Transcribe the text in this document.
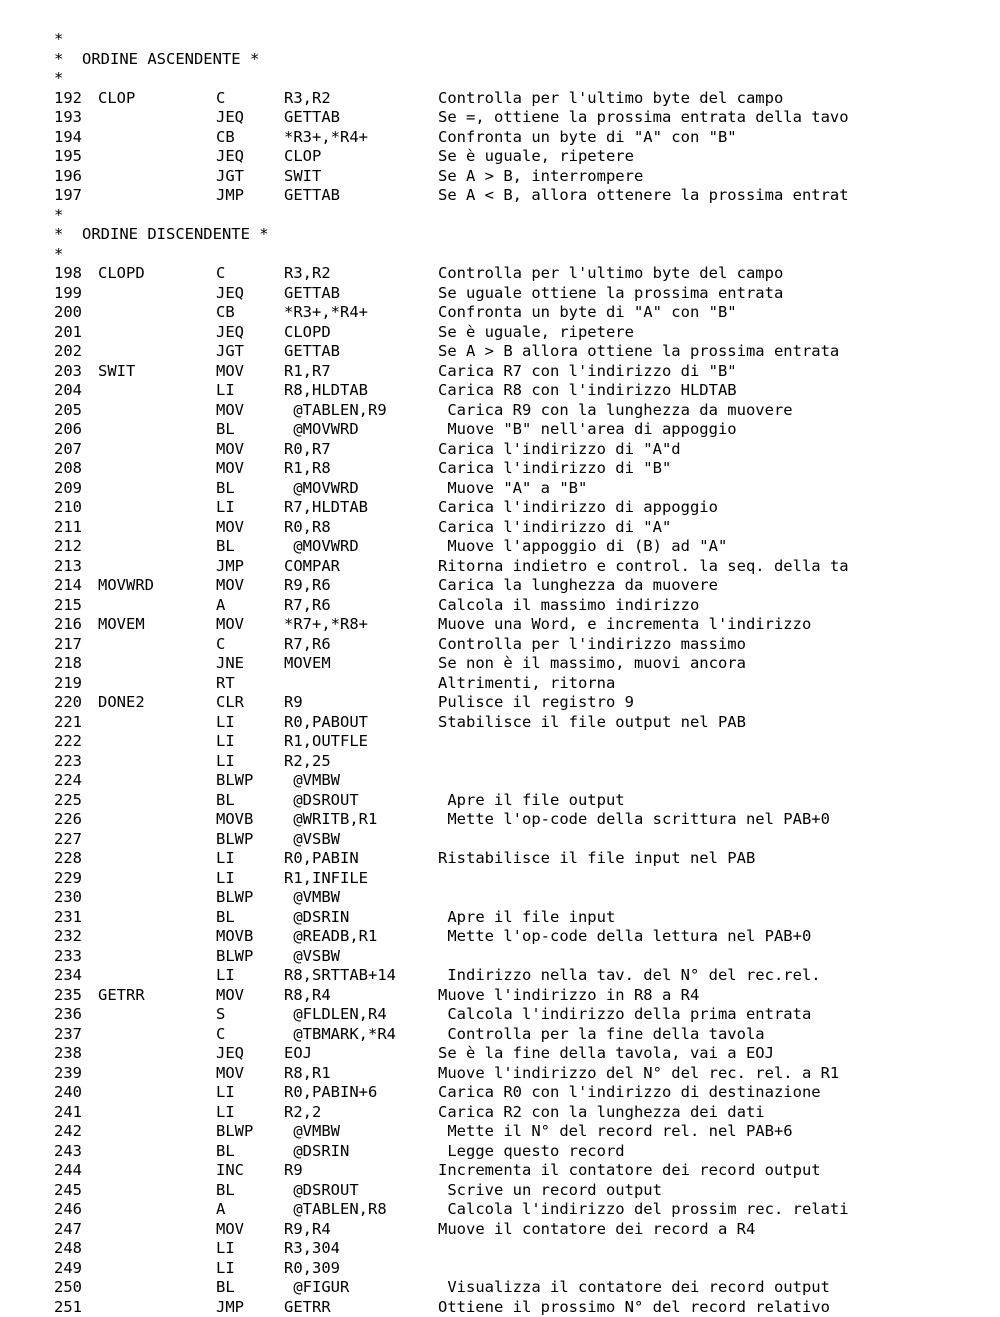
*
*  ORDINE ASCENDENTE *
*
192 CLOP	C	R3,R2	Controlla per l'ultimo byte del campo
193	JEQ	GETTAB	Se =, ottiene la prossima entrata della tavo
194	CB	*R3+,*R4+	Confronta un byte di "A" con "B"
195	JEQ	CLOP	Se è uguale, ripetere
196	JGT	SWIT	Se A > B, interrompere
197	JMP	GETTAB	Se A < B, allora ottenere la prossima entrat
*
*  ORDINE DISCENDENTE *
*
198 CLOPD	C	R3,R2	Controlla per l'ultimo byte del campo
199	JEQ	GETTAB	Se uguale ottiene la prossima entrata
200	CB	*R3+,*R4+	Confronta un byte di "A" con "B"
201	JEQ	CLOPD	Se è uguale, ripetere
202	JGT	GETTAB	Se A > B allora ottiene la prossima entrata
203 SWIT	MOV	R1,R7	Carica R7 con l'indirizzo di "B"
204	LI	R8,HLDTAB	Carica R8 con l'indirizzo HLDTAB
205	MOV	@TABLEN,R9	Carica R9 con la lunghezza da muovere
206	BL	@MOVWRD	Muove "B" nell'area di appoggio
207	MOV	R0,R7	Carica l'indirizzo di "A"d
208	MOV	R1,R8	Carica l'indirizzo di "B"
209	BL	@MOVWRD	Muove "A" a "B"
210	LI	R7,HLDTAB	Carica l'indirizzo di appoggio
211	MOV	R0,R8	Carica l'indirizzo di "A"
212	BL	@MOVWRD	Muove l'appoggio di (B) ad "A"
213	JMP	COMPAR	Ritorna indietro e control. la seq. della ta
214 MOVWRD	MOV	R9,R6	Carica la lunghezza da muovere
215	A	R7,R6	Calcola il massimo indirizzo
216 MOVEM	MOV	*R7+,*R8+	Muove una Word, e incrementa l'indirizzo
217	C	R7,R6	Controlla per l'indirizzo massimo
218	JNE	MOVEM	Se non è il massimo, muovi ancora
219	RT	Altrimenti, ritorna
220 DONE2	CLR	R9	Pulisce il registro 9
221	LI	R0,PABOUT	Stabilisce il file output nel PAB
222	LI	R1,OUTFLE
223	LI	R2,25
224	BLWP @VMBW
225	BL	@DSROUT	Apre il file output
226	MOVB @WRITB,R1	Mette l'op-code della scrittura nel PAB+0
227	BLWP @VSBW
228	LI	R0,PABIN	Ristabilisce il file input nel PAB
229	LI	R1,INFILE
230	BLWP @VMBW
231	BL	@DSRIN	Apre il file input
232	MOVB @READB,R1	Mette l'op-code della lettura nel PAB+0
233	BLWP @VSBW
234	LI	R8,SRTTAB+14	Indirizzo nella tav. del N° del rec.rel.
235 GETRR	MOV	R8,R4	Muove l'indirizzo in R8 a R4
236	S	@FLDLEN,R4	Calcola l'indirizzo della prima entrata
237	C	@TBMARK,*R4	Controlla per la fine della tavola
238	JEQ	EOJ	Se è la fine della tavola, vai a EOJ
239	MOV	R8,R1	Muove l'indirizzo del N° del rec. rel. a R1
240	LI	R0,PABIN+6	Carica R0 con l'indirizzo di destinazione
241	LI	R2,2	Carica R2 con la lunghezza dei dati
242	BLWP @VMBW	Mette il N° del record rel. nel PAB+6
243	BL	@DSRIN	Legge questo record
244	INC	R9	Incrementa il contatore dei record output
245	BL	@DSROUT	Scrive un record output
246	A	@TABLEN,R8	Calcola l'indirizzo del prossim rec. relati
247	MOV	R9,R4	Muove il contatore dei record a R4
248	LI	R3,304
249	LI	R0,309
250	BL	@FIGUR	Visualizza il contatore dei record output
251	JMP	GETRR	Ottiene il prossimo N° del record relativo
